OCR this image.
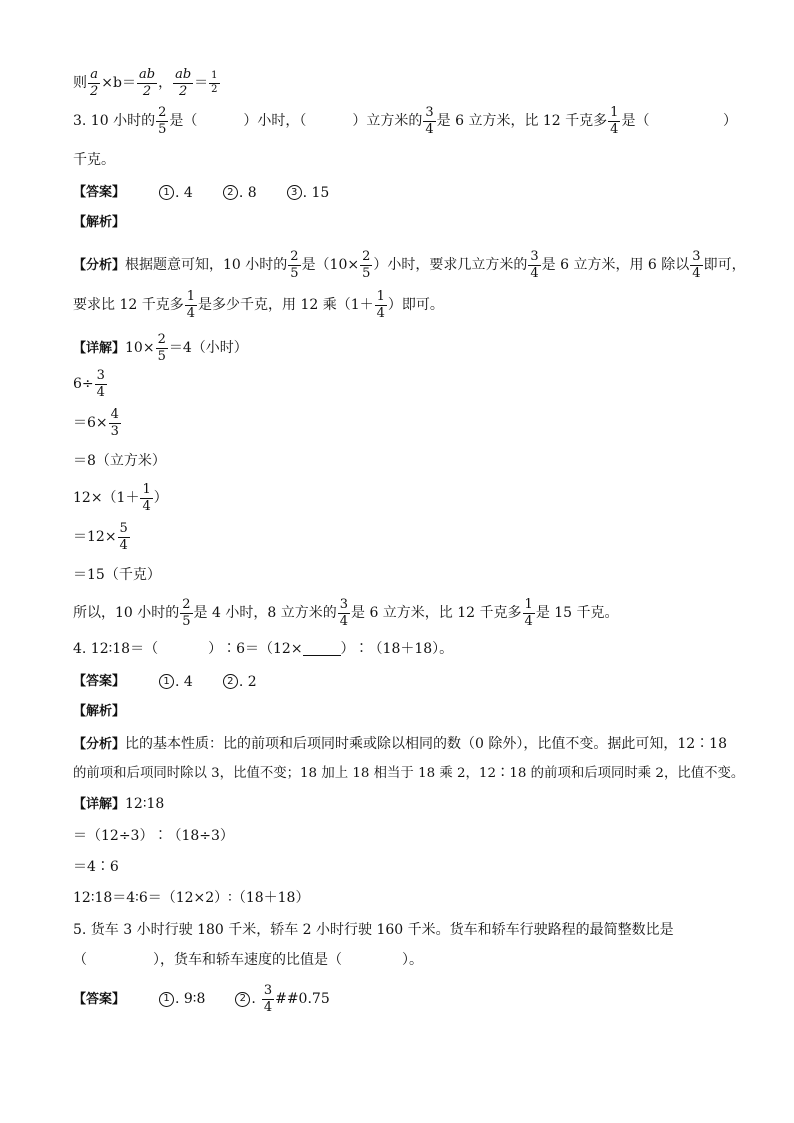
则 $\frac{a}{2} \times b= \frac{ab}{2}$ ， $\frac{ab}{2} = \frac{1}{2}$
3. 10 小时的 $\frac{2}{5}$ 是（	）小时，（	）立方米的 $\frac{3}{4}$ 是 6 立方米，比 12 千克多 $\frac{1}{4}$ 是（	）
千克。
【答案】	1 . 4	2 . 8	3 . 15
【解析】
【分析】 根据题意可知，10 小时的 $\frac{2}{5}$ 是（$10\times \frac{2}{5}$ ）小时，要求几立方米的 $\frac{3}{4}$ 是 6 立方米，用 6 除以 $\frac{3}{4}$ 即可，
要求比 12 千克多 $\frac{1}{4}$ 是多少千克，用 12 乘（$1+ \frac{1}{4}$ ）即可。
【详解】 $10\times \frac{2}{5} =4$（小时）
$6\div \frac{3}{4}$
$=6\times \frac{4}{3}$
＝8（立方米）
$12\times(1+ \frac{1}{4}$ ）
$=12\times \frac{5}{4}$
＝15（千克）
所以，10 小时的 $\frac{2}{5}$ 是 4 小时，8 立方米的 $\frac{3}{4}$ 是 6 立方米，比 12 千克多 $\frac{1}{4}$ 是 15 千克。
4. 12∶18＝（	）∶6＝（12×	）∶（18＋18）。
【答案】	1 . 4	2 . 2
【解析】
【分析】 比的基本性质：比的前项和后项同时乘或除以相同的数（0 除外），比值不变。据此可知，12∶18
的前项和后项同时除以 3，比值不变；18 加上 18 相当于 18 乘 2，12∶18 的前项和后项同时乘 2，比值不变。
【详解】 12∶18
＝（12÷3）∶（18÷3）
＝4∶6
12∶18＝4∶6＝（12×2）∶（18＋18）
5. 货车 3 小时行驶 180 千米，轿车 2 小时行驶 160 千米。货车和轿车行驶路程的最简整数比是
（	），货车和轿车速度的比值是（	）。
【答案】	1 . 9∶8	2 . $\frac{3}{4}$ ##0.75
